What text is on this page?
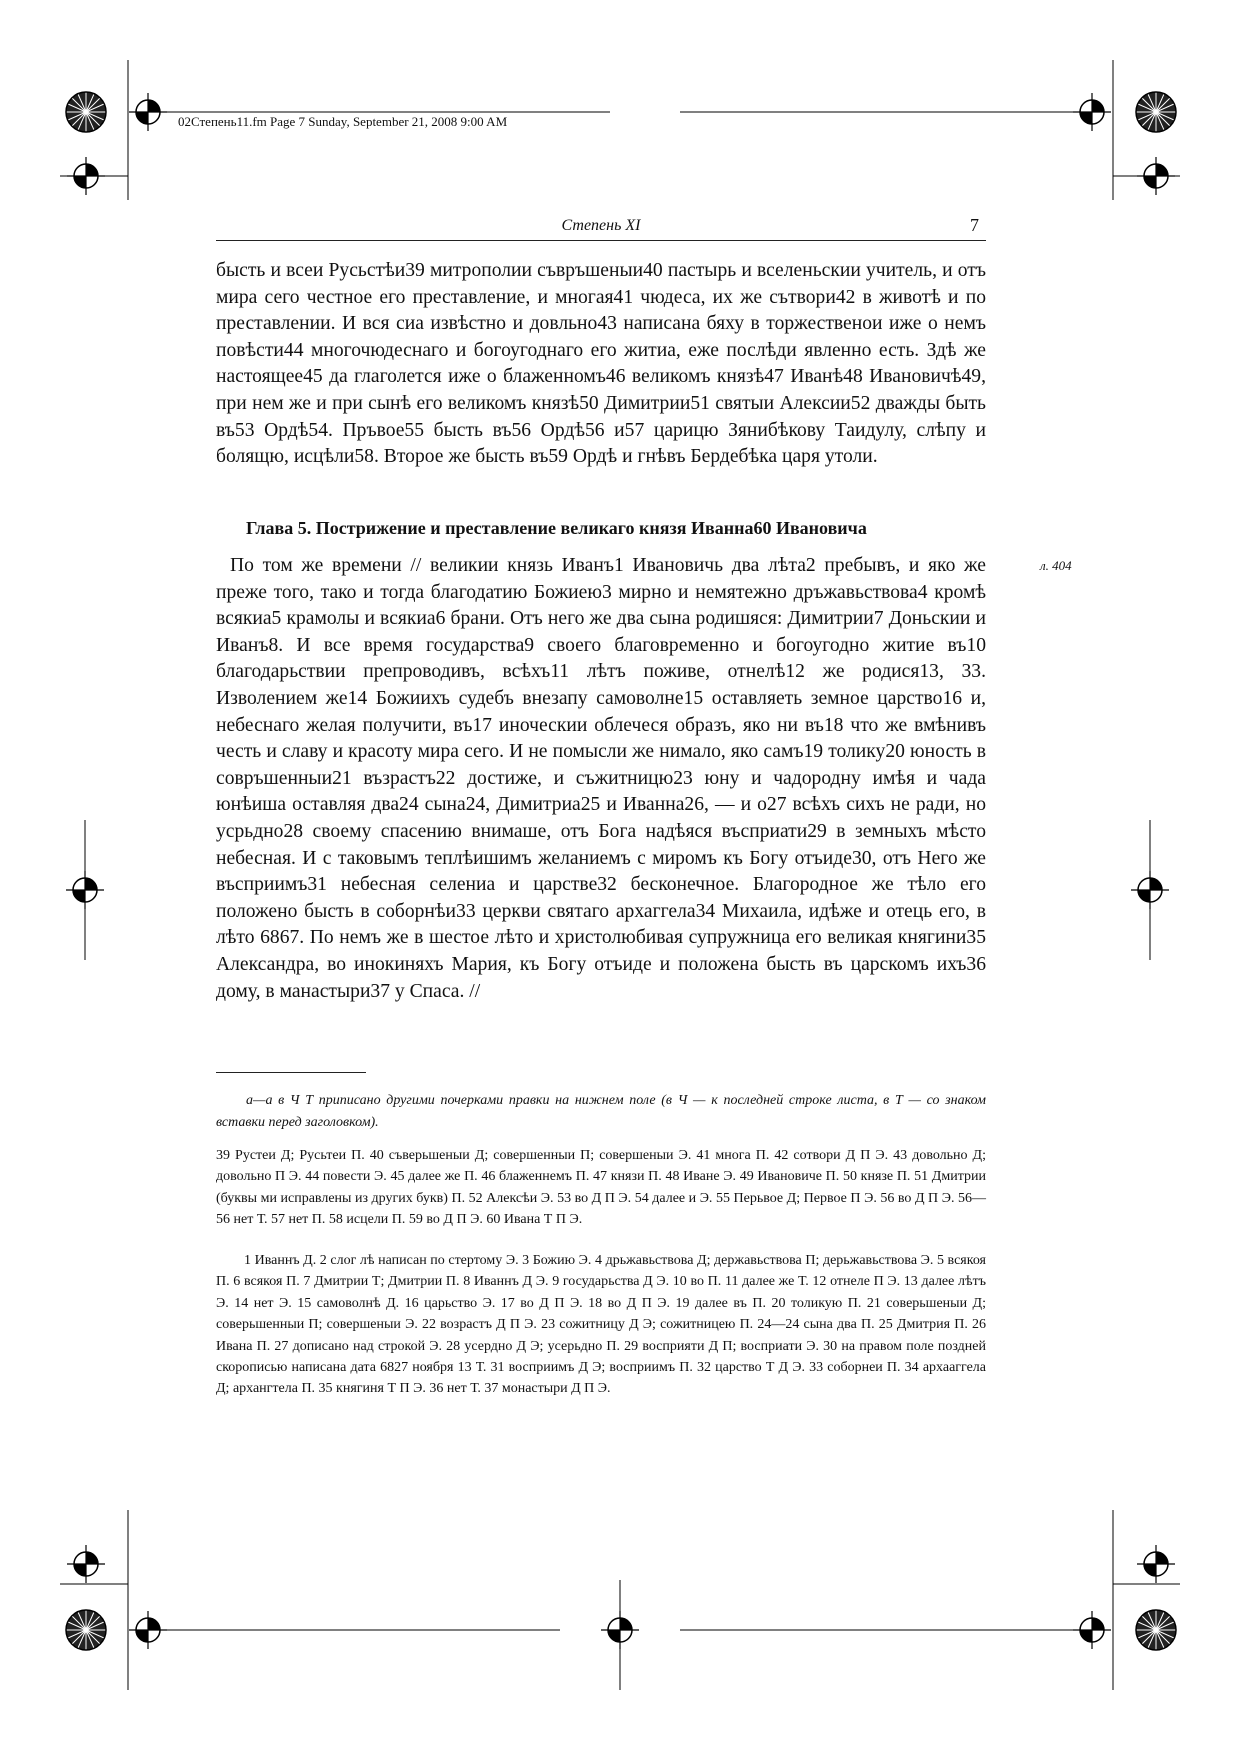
02Степень11.fm Page 7 Sunday, September 21, 2008 9:00 AM
Степень XI	7

бысть и всеи Русьстѣи39 митрополии съвръшеныи40 пастырь и вселеньскии учитель, и отъ мира сего честное его преставление, и многая41 чюдеса, их же сътвори42 в животѣ и по преставлении. И вся сиа извѣстно и довльно43 написана бяху в торжественои иже о немъ повѣсти44 многочюдеснаго и богоугоднаго его житиа, еже послѣди явленно есть. Здѣ же настоящее45 да глаголется иже о блаженномъ46 великомъ князѣ47 Иванѣ48 Ивановичѣ49, при нем же и при сынѣ его великомъ князѣ50 Димитрии51 святыи Алексии52 дважды быть въ53 Ордѣ54. Пръвое55 бысть въ56 Ордѣ56 и57 царицю Зянибѣкову Таидулу, слѣпу и болящю, исцѣли58. Второе же бысть въ59 Ордѣ и гнѣвъ Бердебѣка царя утоли.

Глава 5. Пострижение и преставление великаго князя Иванна60 Ивановича
л. 404
По том же времени // великии князь Иванъ1 Ивановичь два лѣта2 пребывъ, и яко же преже того, тако и тогда благодатию Божиею3 мирно и немятежно дръжавьствова4 кромѣ всякиа5 крамолы и всякиа6 брани. Отъ него же два сына родишяся: Димитрии7 Доньскии и Иванъ8. И все время государства9 своего благовременно и богоугодно житие въ10 благодарьствии препроводивъ, всѣхъ11 лѣтъ поживе, отнелѣ12 же родися13, 33. Изволением же14 Божиихъ судебъ внезапу самоволне15 оставляеть земное царство16 и, небеснаго желая получити, въ17 иноческии облечеся образъ, яко ни въ18 что же вмѣнивъ честь и славу и красоту мира сего. И не помысли же нимало, яко самъ19 толику20 юность в совръшенныи21 възрастъ22 достиже, и съжитницю23 юну и чадородну имѣя и чада юнѣиша оставляя два24 сына24, Димитриа25 и Иванна26, — и о27 всѣхъ сихъ не ради, но усрьдно28 своему спасению внимаше, отъ Бога надѣяся въсприати29 в земныхъ мѣсто небесная. И с таковымъ теплѣишимъ желаниемъ с миромъ къ Богу отъиде30, отъ Него же въсприимъ31 небесная селениа и царстве32 бесконечное. Благородное же тѣло его положено бысть в соборнѣи33 церкви святаго архаггела34 Михаила, идѣже и отець его, в лѣто 6867. По немъ же в шестое лѣто и христолюбивая супружница его великая княгини35 Александра, во инокиняхъ Мария, къ Богу отъиде и положена бысть въ царскомъ ихъ36 дому, в манастыри37 у Спаса. //
а—а в Ч Т приписано другими почерками правки на нижнем поле (в Ч — к последней строке листа, в Т — со знаком вставки перед заголовком).
39 Рустеи Д; Русьтеи П. 40 съверьшеныи Д; совершенныи П; совершеныи Э. 41 многа П. 42 сотвори Д П Э. 43 довольно Д; довольно П Э. 44 повести Э. 45 далее же П. 46 блаженнемъ П. 47 князи П. 48 Иване Э. 49 Ивановиче П. 50 князе П. 51 Дмитрии (буквы ми исправлены из других букв) П. 52 Алексѣи Э. 53 во Д П Э. 54 далее и Э. 55 Перьвое Д; Первое П Э. 56 во Д П Э. 56—56 нет Т. 57 нет П. 58 исцели П. 59 во Д П Э. 60 Ивана Т П Э.
1 Иваннъ Д. 2 слог лѣ написан по стертому Э. 3 Божию Э. 4 дрьжавьствова Д; державьствова П; дерьжавьствова Э. 5 всякоя П. 6 всякоя П. 7 Дмитрии Т; Дмитрии П. 8 Иваннъ Д Э. 9 государьства Д Э. 10 во П. 11 далее же Т. 12 отнеле П Э. 13 далее лѣтъ Э. 14 нет Э. 15 самоволнѣ Д. 16 царьство Э. 17 во Д П Э. 18 во Д П Э. 19 далее въ П. 20 толикую П. 21 соверьшеныи Д; соверьшенныи П; совершеныи Э. 22 возрастъ Д П Э. 23 сожитницу Д Э; сожитницею П. 24—24 сына два П. 25 Дмитрия П. 26 Ивана П. 27 дописано над строкой Э. 28 усердно Д Э; усерьдно П. 29 восприяти Д П; восприати Э. 30 на правом поле поздней скорописью написана дата 6827 ноября 13 Т. 31 восприимъ Д Э; восприимъ П. 32 царство Т Д Э. 33 соборнеи П. 34 архааггела Д; архангтела П. 35 княгиня Т П Э. 36 нет Т. 37 монастыри Д П Э.
